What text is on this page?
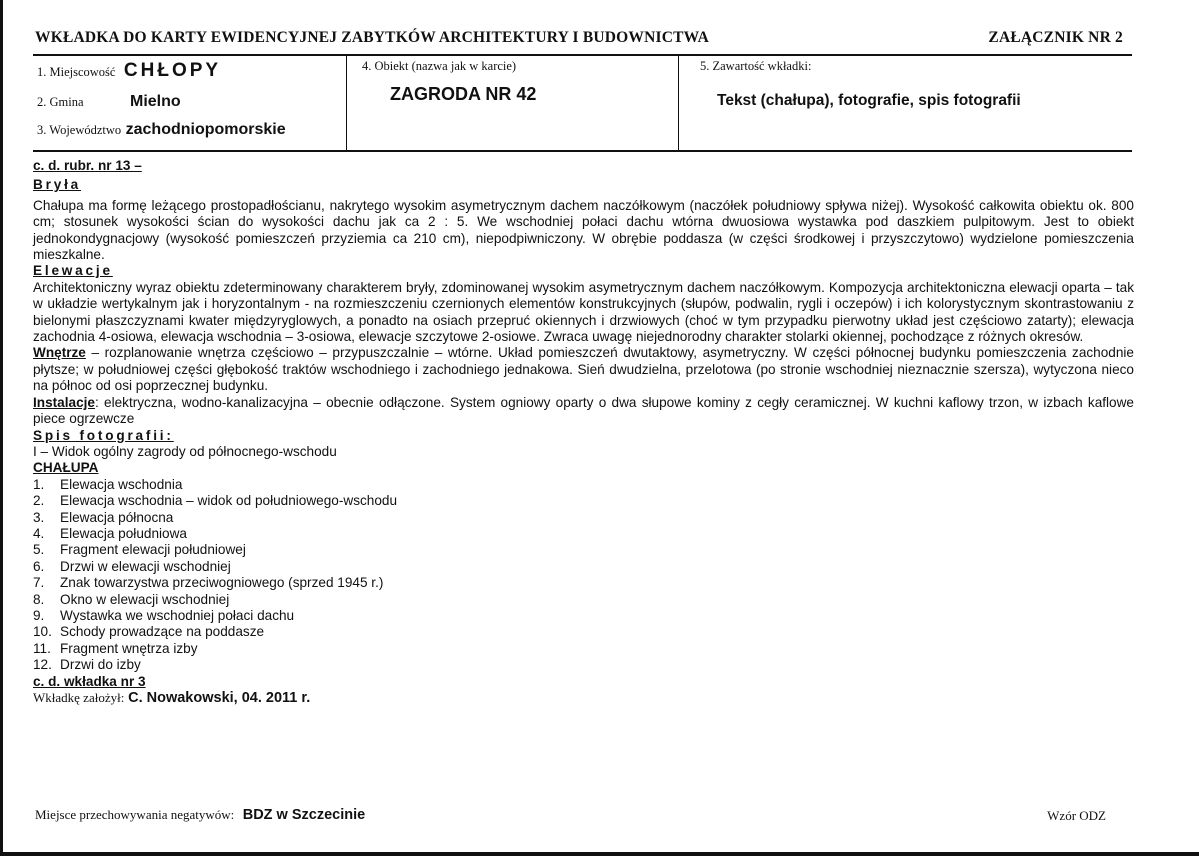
WKŁADKA DO KARTY EWIDENCYJNEJ ZABYTKÓW ARCHITEKTURY I BUDOWNICTWA	ZAŁĄCZNIK NR 2
1. Miejscowość CHŁOPY
2. Gmina	Mielno
3. Województwo zachodniopomorskie
4. Obiekt (nazwa jak w karcie)
ZAGRODA NR 42
5. Zawartość wkładki:
Tekst (chałupa), fotografie, spis fotografii
c. d. rubr. nr 13 –
Bryła

Chałupa ma formę leżącego prostopadłościanu, nakrytego wysokim asymetrycznym dachem naczółkowym (naczółek południowy spływa niżej). Wysokość całkowita obiektu ok. 800 cm; stosunek wysokości ścian do wysokości dachu jak ca 2 : 5. We wschodniej połaci dachu wtórna dwuosiowa wystawka pod daszkiem pulpitowym. Jest to obiekt jednokondygnacjowy (wysokość pomieszczeń przyziemia ca 210 cm), niepodpiwniczony. W obrębie poddasza (w części środkowej i przyszczytowo) wydzielone pomieszczenia mieszkalne.

Elewacje

Architektoniczny wyraz obiektu zdeterminowany charakterem bryły, zdominowanej wysokim asymetrycznym dachem naczółkowym. Kompozycja architektoniczna elewacji oparta – tak w układzie wertykalnym jak i horyzontalnym - na rozmieszczeniu czernionych elementów konstrukcyjnych (słupów, podwalin, rygli i oczepów) i ich kolorystycznym skontrastowaniu z bielonymi płaszczyznami kwater międzyryglowych, a ponadto na osiach przepruć okiennych i drzwiowych (choć w tym przypadku pierwotny układ jest częściowo zatarty); elewacja zachodnia 4-osiowa, elewacja wschodnia – 3-osiowa, elewacje szczytowe 2-osiowe. Zwraca uwagę niejednorodny charakter stolarki okiennej, pochodzące z różnych okresów.

Wnętrze – rozplanowanie wnętrza częściowo – przypuszczalnie – wtórne. Układ pomieszczeń dwutaktowy, asymetryczny. W części północnej budynku pomieszczenia zachodnie płytsze; w południowej części głębokość traktów wschodniego i zachodniego jednakowa. Sień dwudzielna, przelotowa (po stronie wschodniej nieznacznie szersza), wytyczona nieco na północ od osi poprzecznej budynku.

Instalacje: elektryczna, wodno-kanalizacyjna – obecnie odłączone. System ogniowy oparty o dwa słupowe kominy z cegły ceramicznej. W kuchni kaflowy trzon, w izbach kaflowe piece ogrzewcze

Spis fotografii:
I – Widok ogólny zagrody od północnego-wschodu
CHAŁUPA
1. Elewacja wschodnia
2. Elewacja wschodnia – widok od południowego-wschodu
3. Elewacja północna
4. Elewacja południowa
5. Fragment elewacji południowej
6. Drzwi w elewacji wschodniej
7. Znak towarzystwa przeciwogniowego (sprzed 1945 r.)
8. Okno w elewacji wschodniej
9. Wystawka we wschodniej połaci dachu
10. Schody prowadzące na poddasze
11. Fragment wnętrza izby
12. Drzwi do izby
c. d. wkładka nr 3
Wkładkę założył: C. Nowakowski, 04. 2011 r.
Miejsce przechowywania negatywów: BDZ w Szczecinie	Wzór ODZ
